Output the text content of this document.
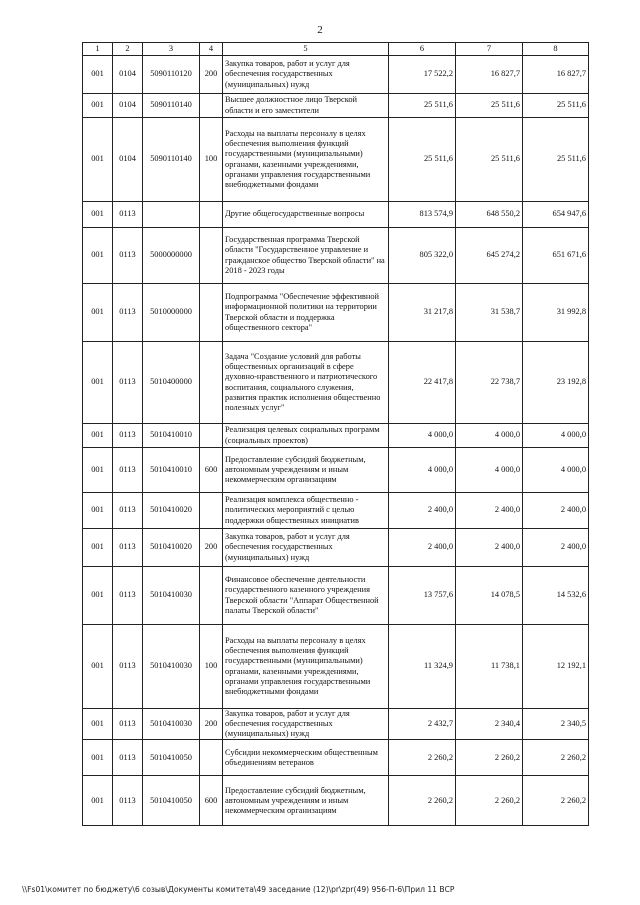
2
1	2	3	4	5	6	7	8
001	0104	5090110120	200	Закупка товаров, работ и услуг для обеспечения государственных (муниципальных) нужд	17 522,2	16 827,7	16 827,7
001	0104	5090110140		Высшее должностное лицо Тверской области и его заместители	25 511,6	25 511,6	25 511,6
001	0104	5090110140	100	Расходы на выплаты персоналу в целях обеспечения выполнения функций государственными (муниципальными) органами, казенными учреждениями, органами управления государственными внебюджетными фондами	25 511,6	25 511,6	25 511,6
001	0113			Другие общегосударственные вопросы	813 574,9	648 550,2	654 947,6
001	0113	5000000000		Государственная программа Тверской области "Государственное управление и гражданское общество Тверской области" на 2018 - 2023 годы	805 322,0	645 274,2	651 671,6
001	0113	5010000000		Подпрограмма "Обеспечение эффективной информационной политики на территории Тверской области и поддержка общественного сектора"	31 217,8	31 538,7	31 992,8
001	0113	5010400000		Задача "Создание условий для работы общественных организаций в сфере духовно-нравственного и патриотического воспитания, социального служения, развития практик исполнения общественно полезных услуг"	22 417,8	22 738,7	23 192,8
001	0113	5010410010		Реализация целевых социальных программ (социальных проектов)	4 000,0	4 000,0	4 000,0
001	0113	5010410010	600	Предоставление субсидий бюджетным, автономным учреждениям и иным некоммерческим организациям	4 000,0	4 000,0	4 000,0
001	0113	5010410020		Реализация комплекса общественно - политических мероприятий с целью поддержки общественных инициатив	2 400,0	2 400,0	2 400,0
001	0113	5010410020	200	Закупка товаров, работ и услуг для обеспечения государственных (муниципальных) нужд	2 400,0	2 400,0	2 400,0
001	0113	5010410030		Финансовое обеспечение деятельности государственного казенного учреждения Тверской области "Аппарат Общественной палаты Тверской области"	13 757,6	14 078,5	14 532,6
001	0113	5010410030	100	Расходы на выплаты персоналу в целях обеспечения выполнения функций государственными (муниципальными) органами, казенными учреждениями, органами управления государственными внебюджетными фондами	11 324,9	11 738,1	12 192,1
001	0113	5010410030	200	Закупка товаров, работ и услуг для обеспечения государственных (муниципальных) нужд	2 432,7	2 340,4	2 340,5
001	0113	5010410050		Субсидии некоммерческим общественным объединениям ветеранов	2 260,2	2 260,2	2 260,2
001	0113	5010410050	600	Предоставление субсидий бюджетным, автономным учреждениям и иным некоммерческим организациям	2 260,2	2 260,2	2 260,2
\\Fs01\комитет по бюджету\6 созыв\Документы комитета\49 заседание (12)\pr\zpr(49) 956-П-6\Прил 11 ВСР
